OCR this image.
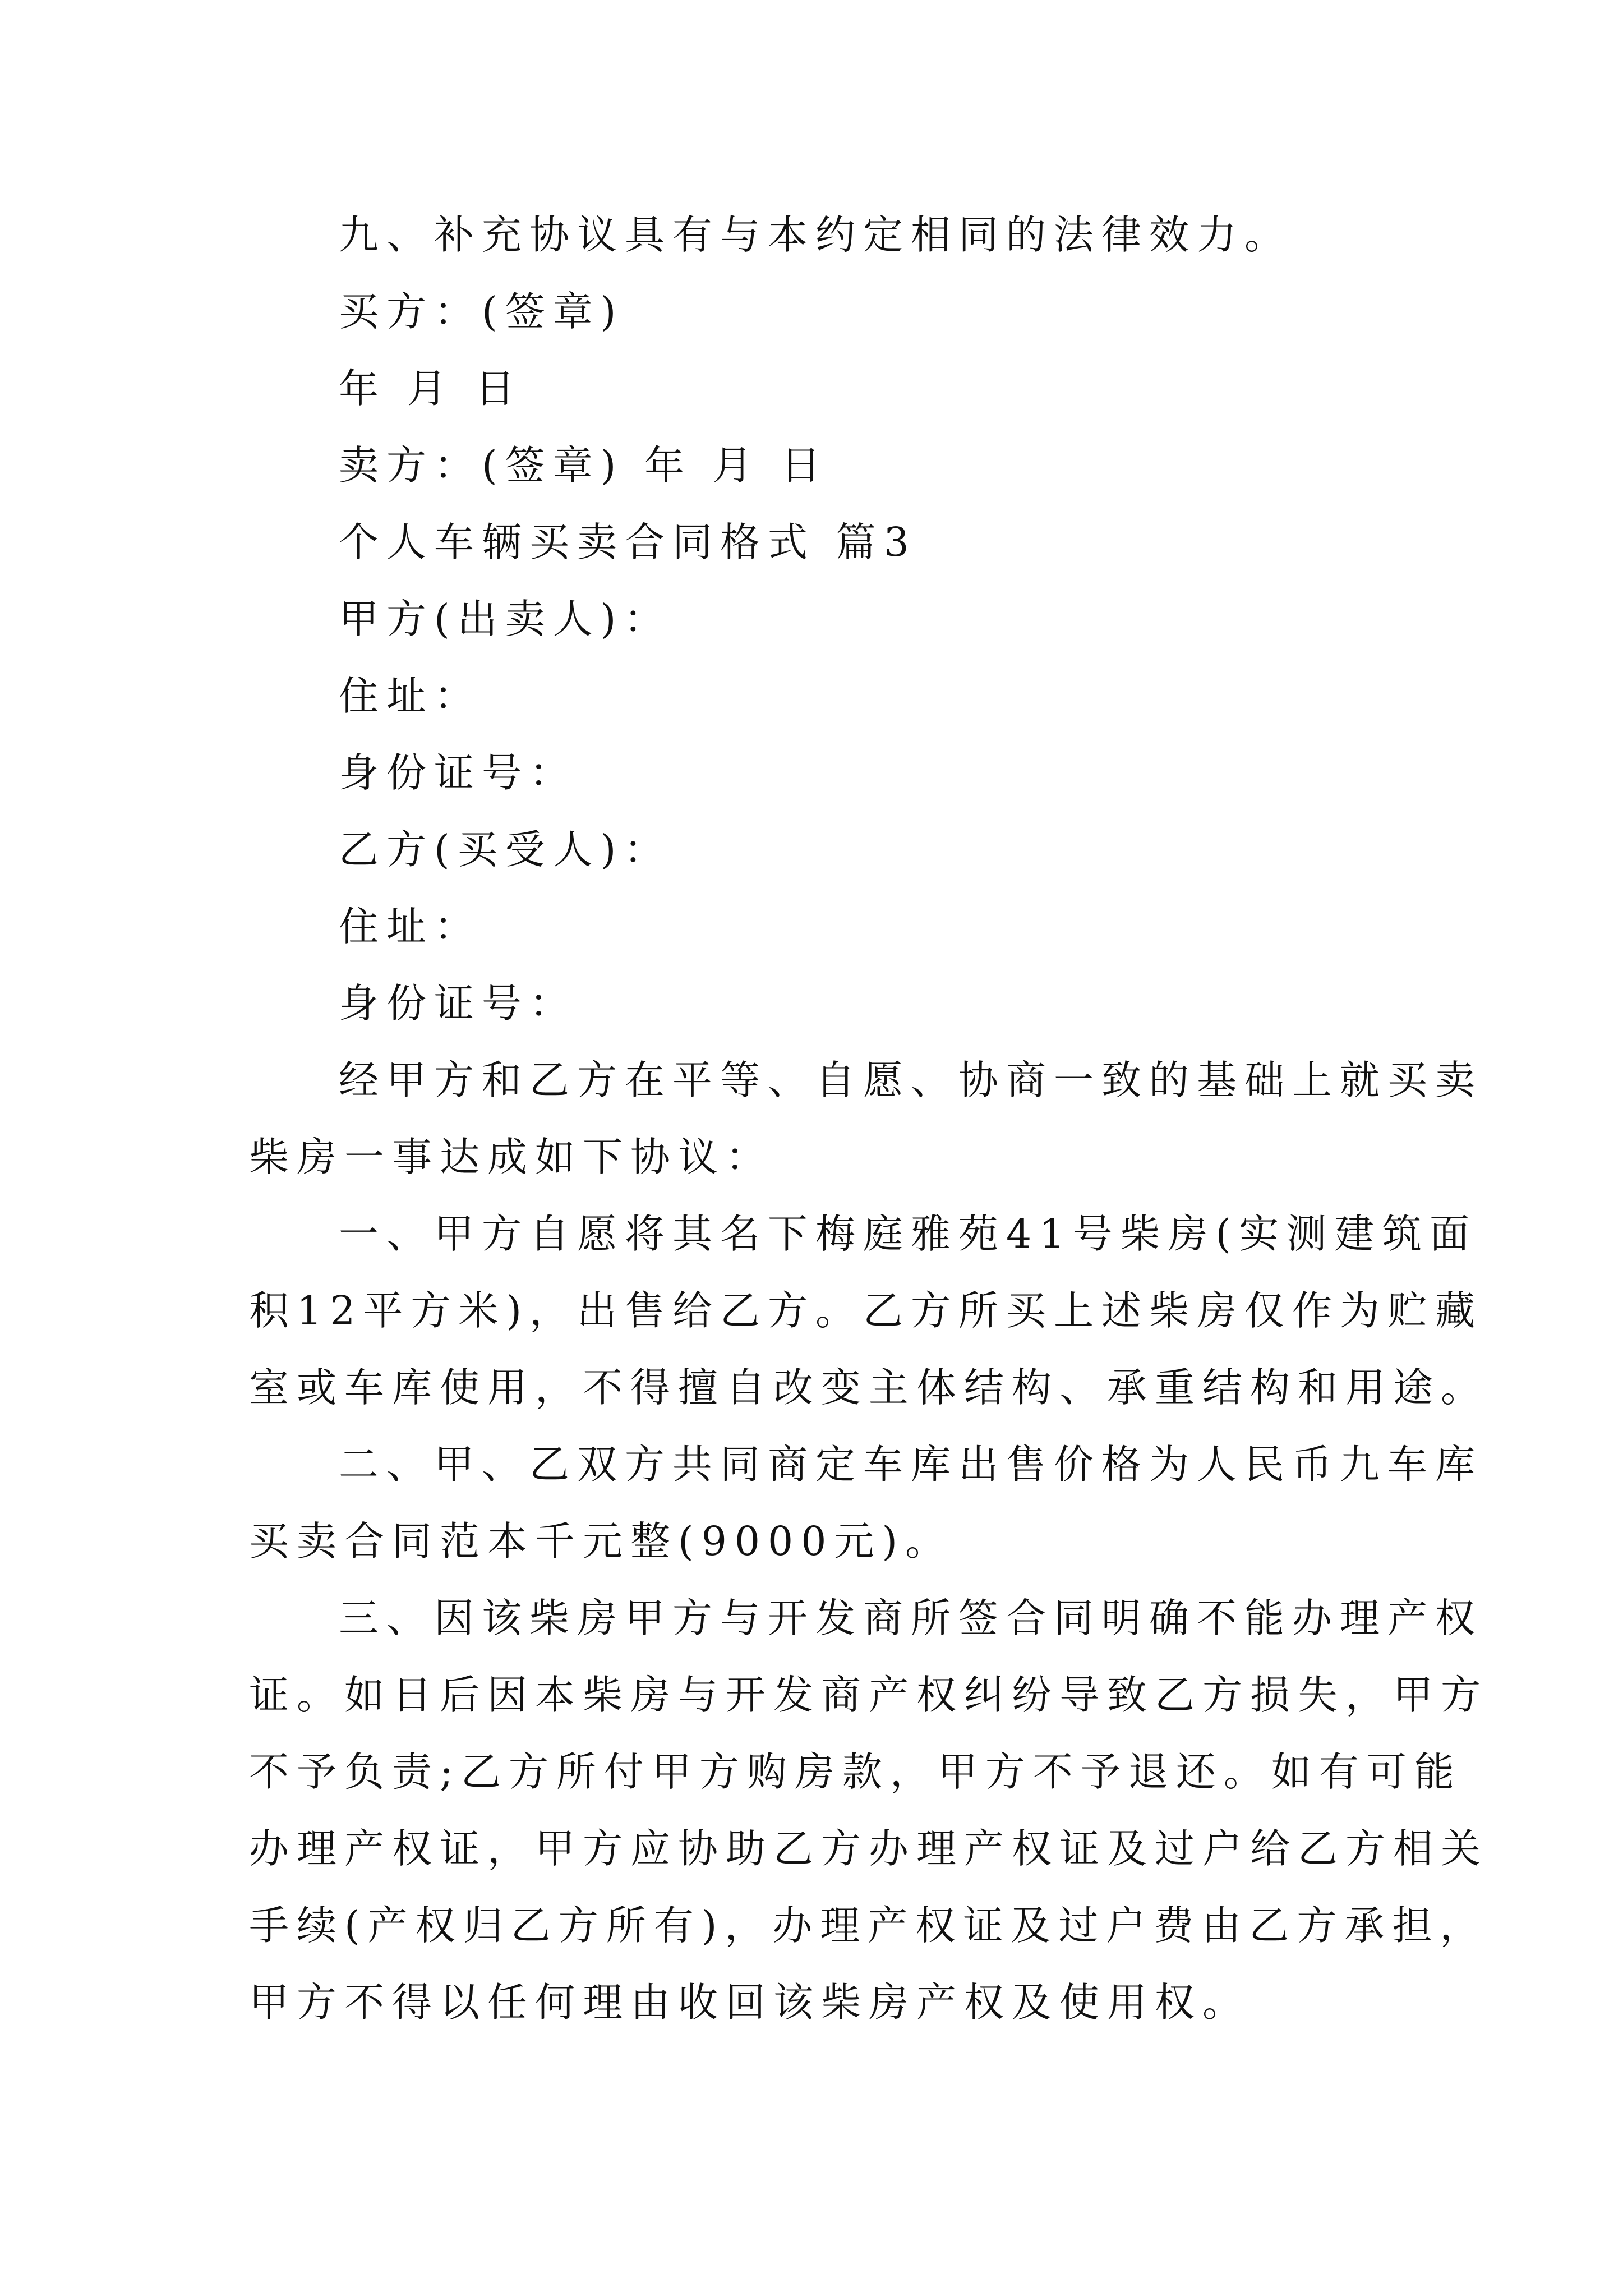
九、补充协议具有与本约定相同的法律效力。
买方：(签章)
年 月 日
卖方：(签章) 年 月 日
个人车辆买卖合同格式 篇3
甲方(出卖人)：
住址：
身份证号：
乙方(买受人)：
住址：
身份证号：
经甲方和乙方在平等、自愿、协商一致的基础上就买卖
柴房一事达成如下协议：
一、甲方自愿将其名下梅庭雅苑41号柴房(实测建筑面
积12平方米)，出售给乙方。乙方所买上述柴房仅作为贮藏
室或车库使用，不得擅自改变主体结构、承重结构和用途。
二、甲、乙双方共同商定车库出售价格为人民币九车库
买卖合同范本千元整(9000元)。
三、因该柴房甲方与开发商所签合同明确不能办理产权
证。如日后因本柴房与开发商产权纠纷导致乙方损失，甲方
不予负责;乙方所付甲方购房款，甲方不予退还。如有可能
办理产权证，甲方应协助乙方办理产权证及过户给乙方相关
手续(产权归乙方所有)，办理产权证及过户费由乙方承担，
甲方不得以任何理由收回该柴房产权及使用权。
